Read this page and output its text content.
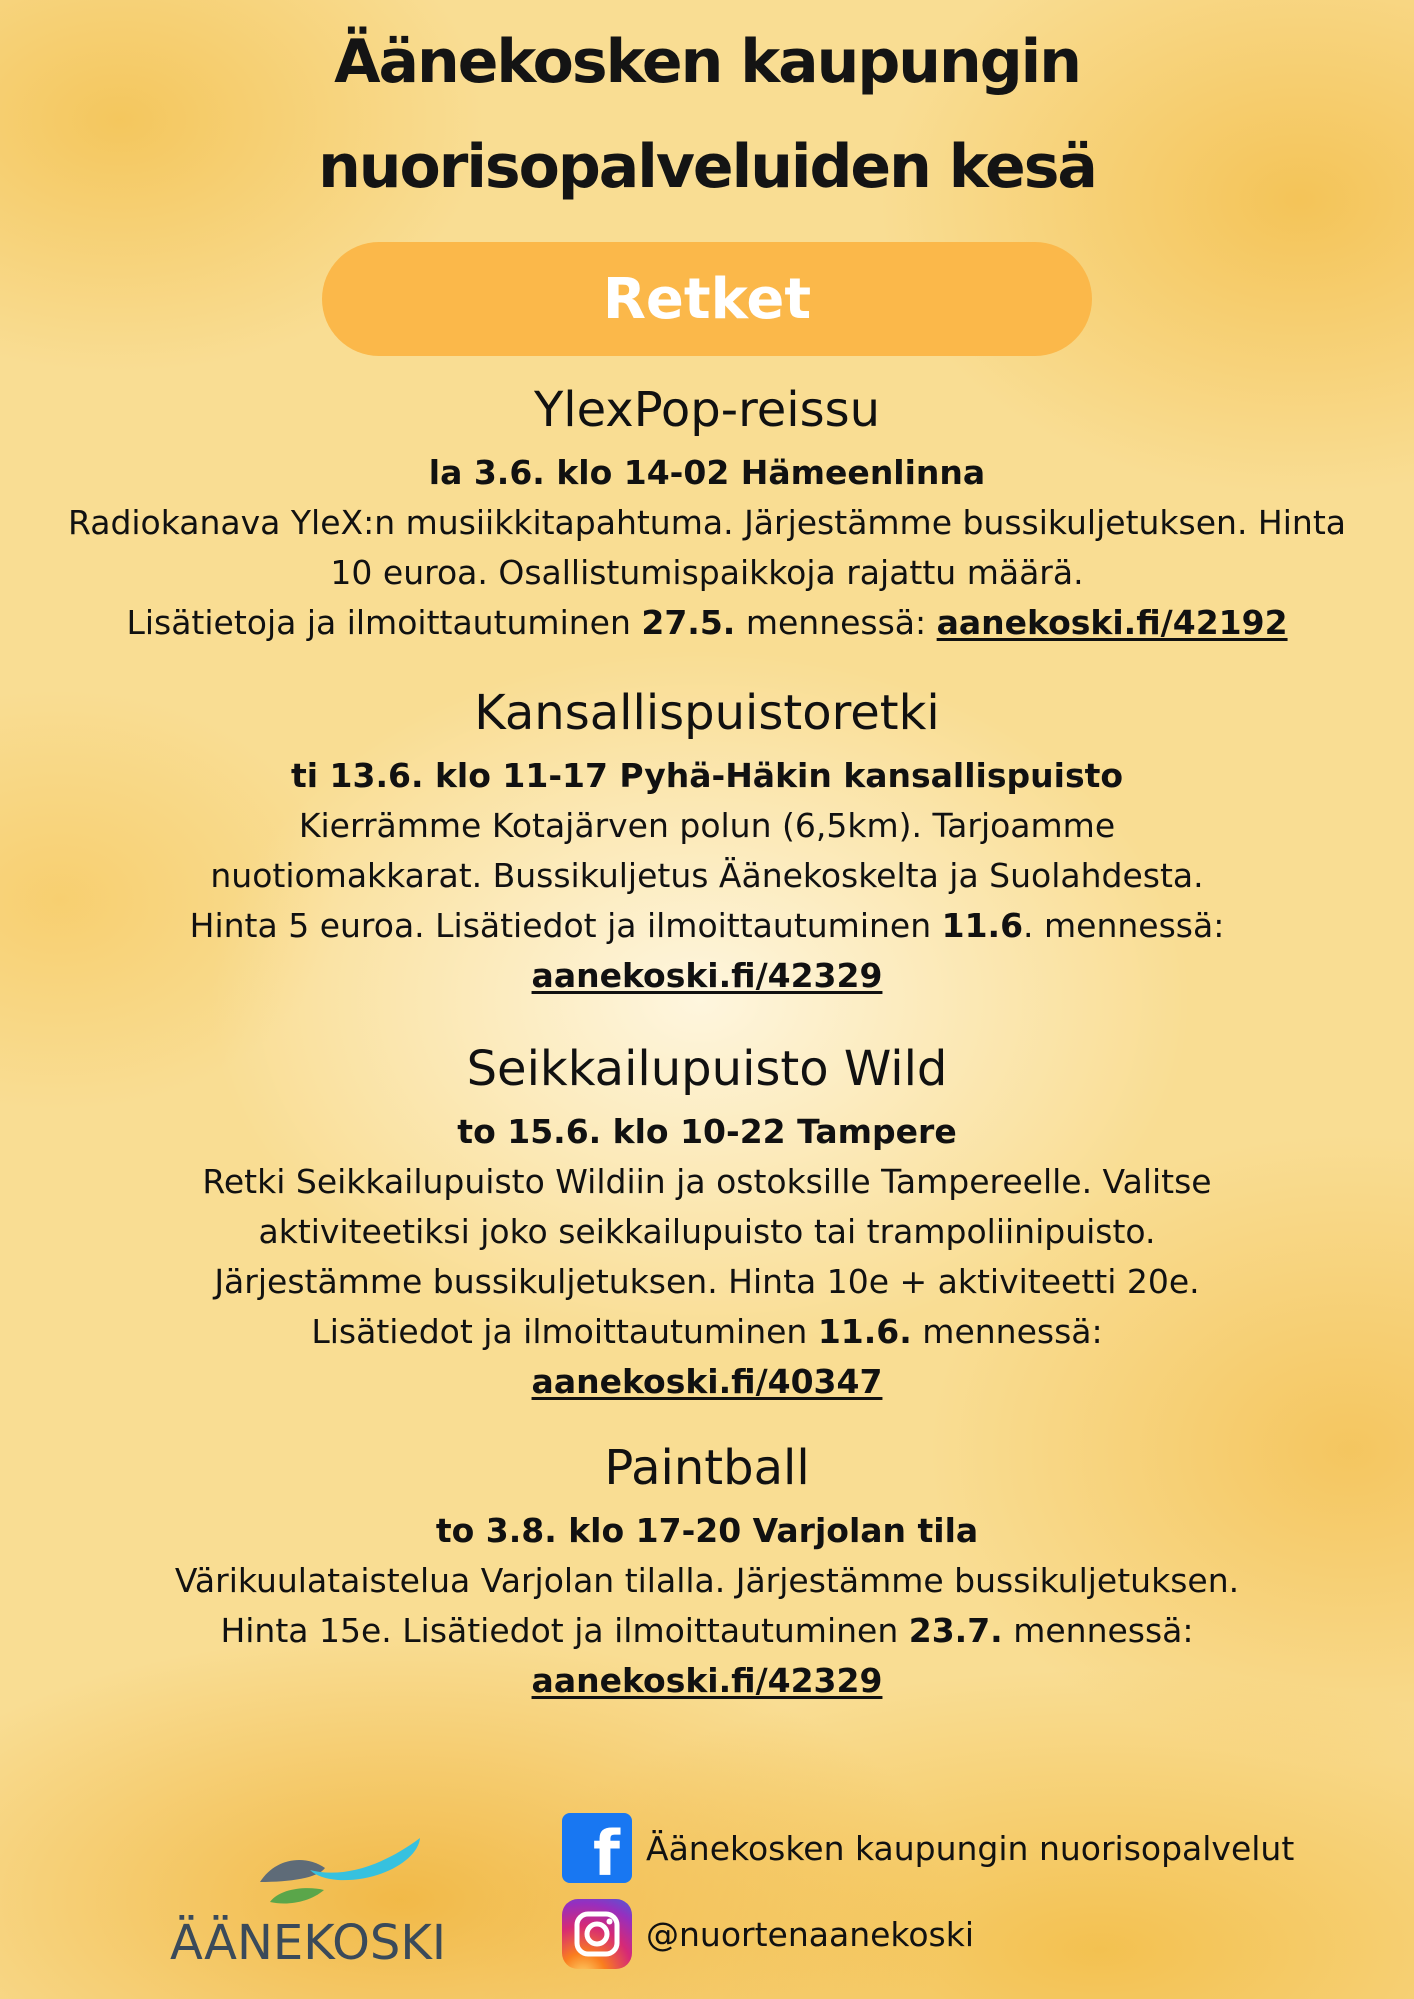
Äänekosken kaupungin
nuorisopalveluiden kesä
Retket
YlexPop-reissu
la 3.6. klo 14-02 Hämeenlinna
Radiokanava YleX:n musiikkitapahtuma. Järjestämme bussikuljetuksen. Hinta
10 euroa. Osallistumispaikkoja rajattu määrä.
Lisätietoja ja ilmoittautuminen 27.5. mennessä: aanekoski.fi/42192
Kansallispuistoretki
ti 13.6. klo 11-17 Pyhä-Häkin kansallispuisto
Kierrämme Kotajärven polun (6,5km). Tarjoamme
nuotiomakkarat. Bussikuljetus Äänekoskelta ja Suolahdesta.
Hinta 5 euroa. Lisätiedot ja ilmoittautuminen 11.6. mennessä:
aanekoski.fi/42329
Seikkailupuisto Wild
to 15.6. klo 10-22 Tampere
Retki Seikkailupuisto Wildiin ja ostoksille Tampereelle. Valitse
aktiviteetiksi joko seikkailupuisto tai trampoliinipuisto.
Järjestämme bussikuljetuksen. Hinta 10e + aktiviteetti 20e.
Lisätiedot ja ilmoittautuminen 11.6. mennessä:
aanekoski.fi/40347
Paintball
to 3.8. klo 17-20 Varjolan tila
Värikuulataistelua Varjolan tilalla. Järjestämme bussikuljetuksen.
Hinta 15e. Lisätiedot ja ilmoittautuminen 23.7. mennessä:
aanekoski.fi/42329
ÄÄNEKOSKI
f Äänekosken kaupungin nuorisopalvelut
@nuortenaanekoski
